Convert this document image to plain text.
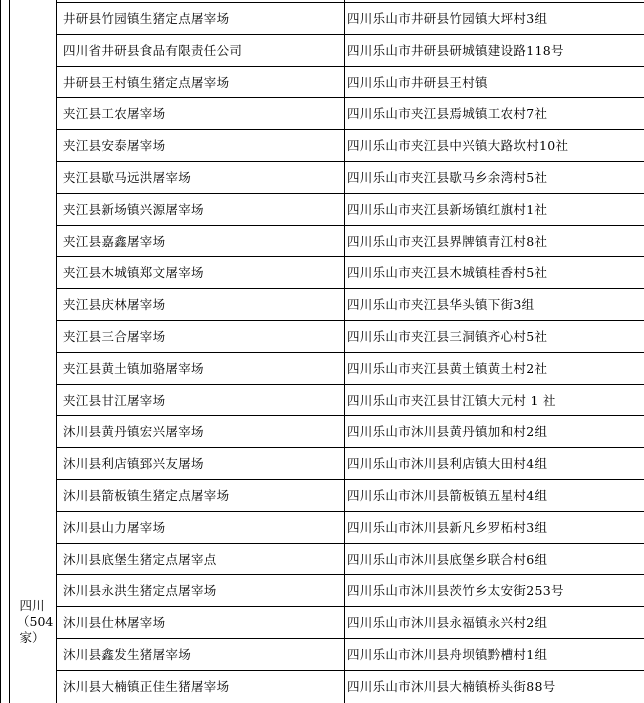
四川
（504
家）
井研县竹园镇生猪定点屠宰场	四川乐山市井研县竹园镇大坪村3组
四川省井研县食品有限责任公司	四川乐山市井研县研城镇建设路118号
井研县王村镇生猪定点屠宰场	四川乐山市井研县王村镇
夹江县工农屠宰场	四川乐山市夹江县焉城镇工农村7社
夹江县安泰屠宰场	四川乐山市夹江县中兴镇大路坎村10社
夹江县歇马远洪屠宰场	四川乐山市夹江县歇马乡余湾村5社
夹江县新场镇兴源屠宰场	四川乐山市夹江县新场镇红旗村1社
夹江县嘉鑫屠宰场	四川乐山市夹江县界牌镇青江村8社
夹江县木城镇郑文屠宰场	四川乐山市夹江县木城镇桂香村5社
夹江县庆林屠宰场	四川乐山市夹江县华头镇下街3组
夹江县三合屠宰场	四川乐山市夹江县三洞镇齐心村5社
夹江县黄土镇加骆屠宰场	四川乐山市夹江县黄土镇黄土村2社
夹江县甘江屠宰场	四川乐山市夹江县甘江镇大元村 1 社
沐川县黄丹镇宏兴屠宰场	四川乐山市沐川县黄丹镇加和村2组
沐川县利店镇郅兴友屠场	四川乐山市沐川县利店镇大田村4组
沐川县箭板镇生猪定点屠宰场	四川乐山市沐川县箭板镇五星村4组
沐川县山力屠宰场	四川乐山市沐川县新凡乡罗柘村3组
沐川县底堡生猪定点屠宰点	四川乐山市沐川县底堡乡联合村6组
沐川县永洪生猪定点屠宰场	四川乐山市沐川县茨竹乡太安街253号
沐川县仕林屠宰场	四川乐山市沐川县永福镇永兴村2组
沐川县鑫发生猪屠宰场	四川乐山市沐川县舟坝镇黔槽村1组
沐川县大楠镇正佳生猪屠宰场	四川乐山市沐川县大楠镇桥头街88号
